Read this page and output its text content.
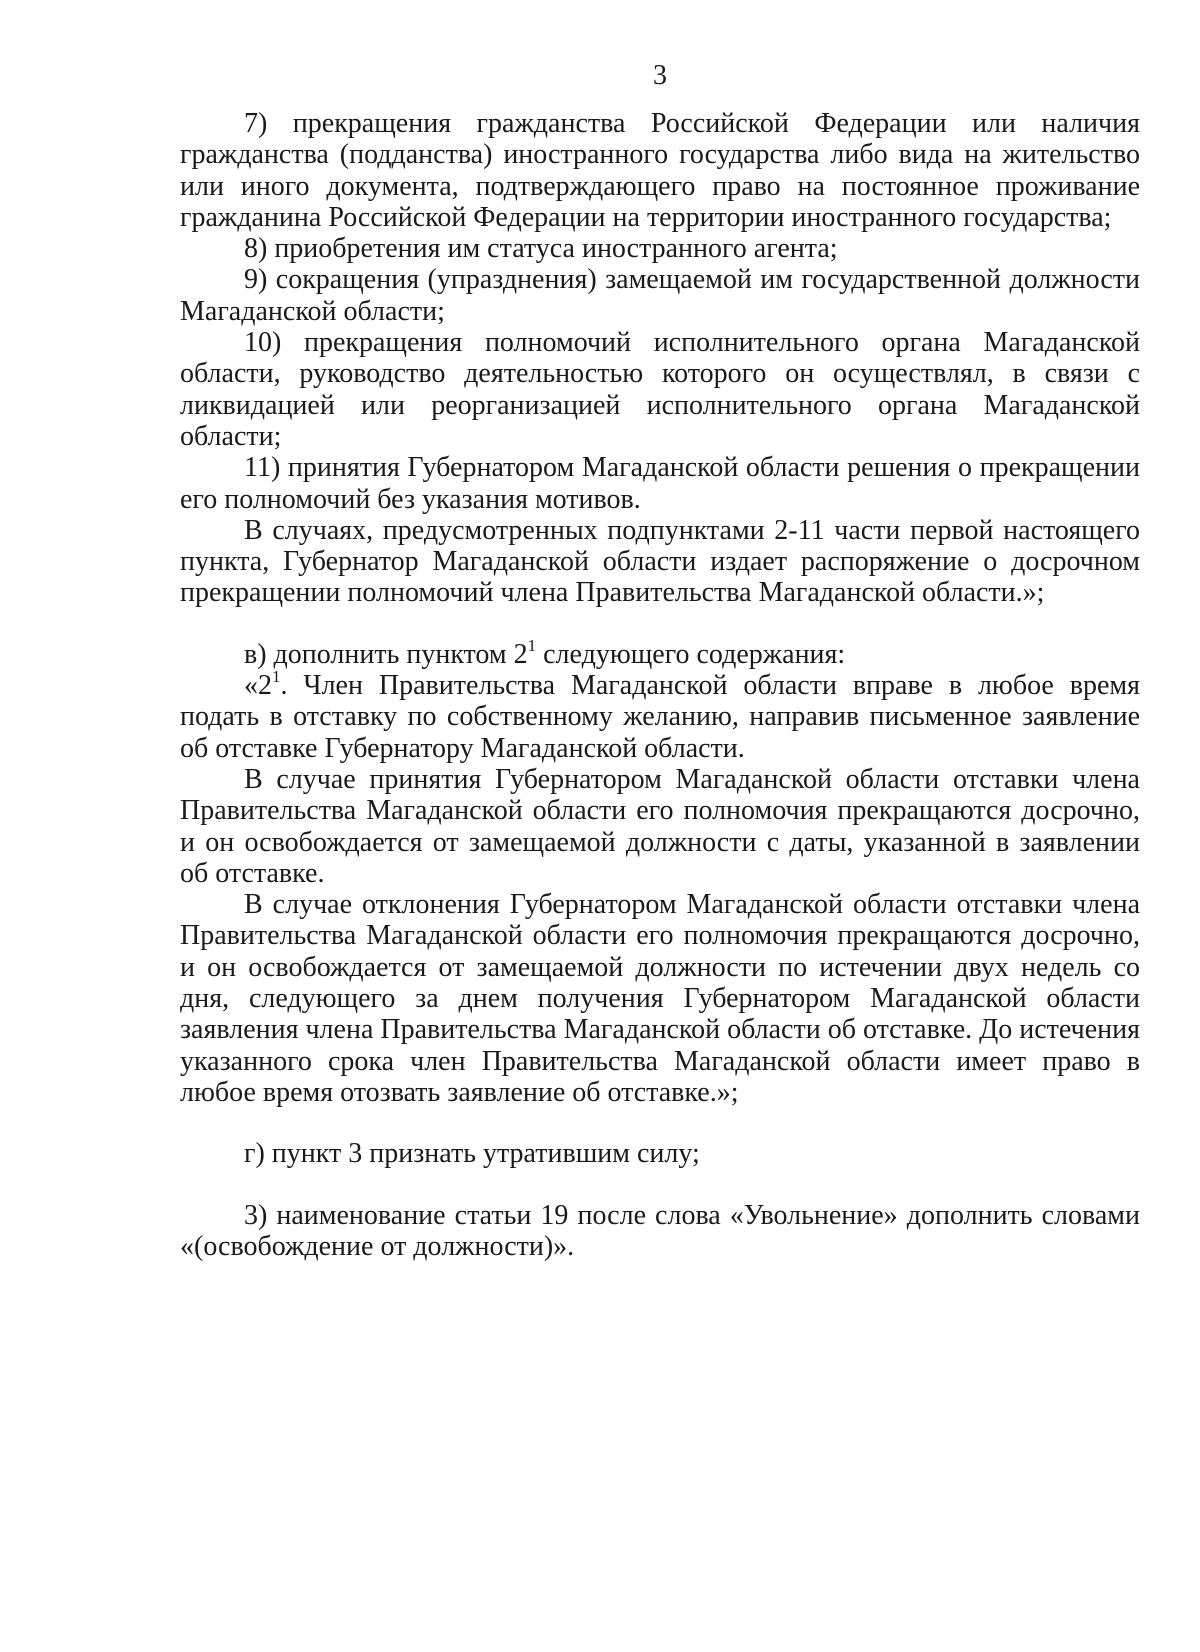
3

7) прекращения гражданства Российской Федерации или наличия гражданства (подданства) иностранного государства либо вида на жительство или иного документа, подтверждающего право на постоянное проживание гражданина Российской Федерации на территории иностранного государства;

8) приобретения им статуса иностранного агента;

9) сокращения (упразднения) замещаемой им государственной должности Магаданской области;

10) прекращения полномочий исполнительного органа Магаданской области, руководство деятельностью которого он осуществлял, в связи с ликвидацией или реорганизацией исполнительного органа Магаданской области;

11) принятия Губернатором Магаданской области решения о прекращении его полномочий без указания мотивов.

В случаях, предусмотренных подпунктами 2-11 части первой настоящего пункта, Губернатор Магаданской области издает распоряжение о досрочном прекращении полномочий члена Правительства Магаданской области.»;

в) дополнить пунктом $2^1$ следующего содержания:

«$2^1$. Член Правительства Магаданской области вправе в любое время подать в отставку по собственному желанию, направив письменное заявление об отставке Губернатору Магаданской области.

В случае принятия Губернатором Магаданской области отставки члена Правительства Магаданской области его полномочия прекращаются досрочно, и он освобождается от замещаемой должности с даты, указанной в заявлении об отставке.

В случае отклонения Губернатором Магаданской области отставки члена Правительства Магаданской области его полномочия прекращаются досрочно, и он освобождается от замещаемой должности по истечении двух недель со дня, следующего за днем получения Губернатором Магаданской области заявления члена Правительства Магаданской области об отставке. До истечения указанного срока член Правительства Магаданской области имеет право в любое время отозвать заявление об отставке.»;

г) пункт 3 признать утратившим силу;

3) наименование статьи 19 после слова «Увольнение» дополнить словами «(освобождение от должности)».
